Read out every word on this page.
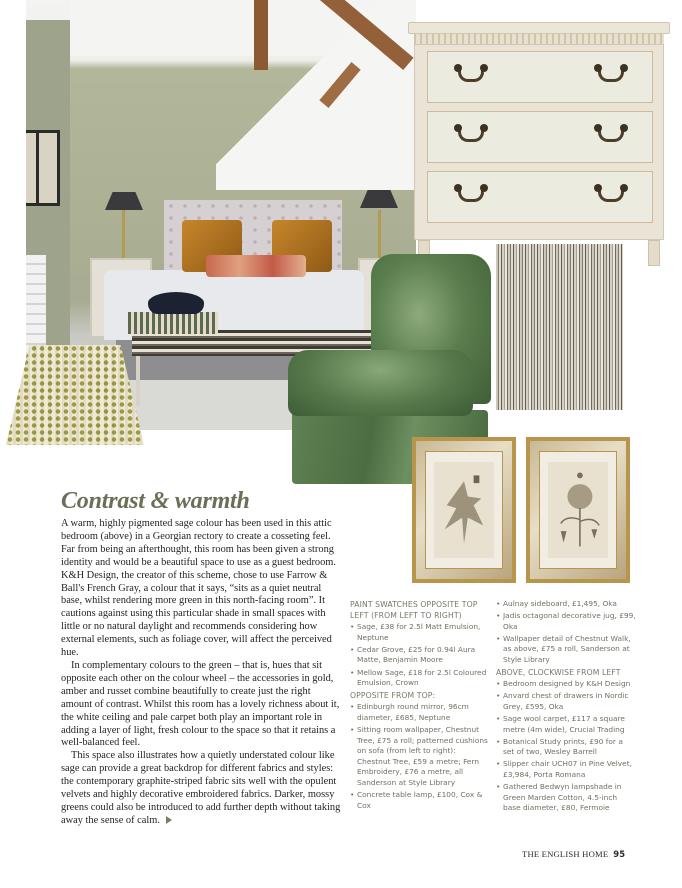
Contrast & warmth

A warm, highly pigmented sage colour has been used in this attic bedroom (above) in a Georgian rectory to create a cosseting feel. Far from being an afterthought, this room has been given a strong identity and would be a beautiful space to use as a guest bedroom. K&H Design, the creator of this scheme, chose to use Farrow & Ball's French Gray, a colour that it says, “sits as a quiet neutral base, whilst rendering more green in this north-facing room”. It cautions against using this particular shade in small spaces with little or no natural daylight and recommends considering how external elements, such as foliage cover, will affect the perceived hue.

In complementary colours to the green – that is, hues that sit opposite each other on the colour wheel – the accessories in gold, amber and russet combine beautifully to create just the right amount of contrast. Whilst this room has a lovely richness about it, the white ceiling and pale carpet both play an important role in adding a layer of light, fresh colour to the space so that it retains a well-balanced feel.

This space also illustrates how a quietly understated colour like sage can provide a great backdrop for different fabrics and styles: the contemporary graphite-striped fabric sits well with the opulent velvets and highly decorative embroidered fabrics. Darker, mossy greens could also be introduced to add further depth without taking away the sense of calm.

PAINT SWATCHES OPPOSITE TOP LEFT (FROM LEFT TO RIGHT)
• Sage, £38 for 2.5l Matt Emulsion, Neptune
• Cedar Grove, £25 for 0.94l Aura Matte, Benjamin Moore
• Mellow Sage, £18 for 2.5l Coloured Emulsion, Crown
OPPOSITE FROM TOP:
• Edinburgh round mirror, 96cm diameter, £685, Neptune
• Sitting room wallpaper, Chestnut Tree, £75 a roll; patterned cushions on sofa (from left to right): Chestnut Tree, £59 a metre; Fern Embroidery, £76 a metre, all Sanderson at Style Library
• Concrete table lamp, £100, Cox & Cox
• Aulnay sideboard, £1,495, Oka
• Jadis octagonal decorative jug, £99, Oka
• Wallpaper detail of Chestnut Walk, as above, £75 a roll, Sanderson at Style Library
ABOVE, CLOCKWISE FROM LEFT
• Bedroom designed by K&H Design
• Anvard chest of drawers in Nordic Grey, £595, Oka
• Sage wool carpet, £117 a square metre (4m wide), Crucial Trading
• Botanical Study prints, £90 for a set of two, Wesley Barrell
• Slipper chair UCH07 in Pine Velvet, £3,984, Porta Romana
• Gathered Bedwyn lampshade in Green Marden Cotton, 4.5-inch base diameter, £80, Fermoie
THE ENGLISH HOME 95
